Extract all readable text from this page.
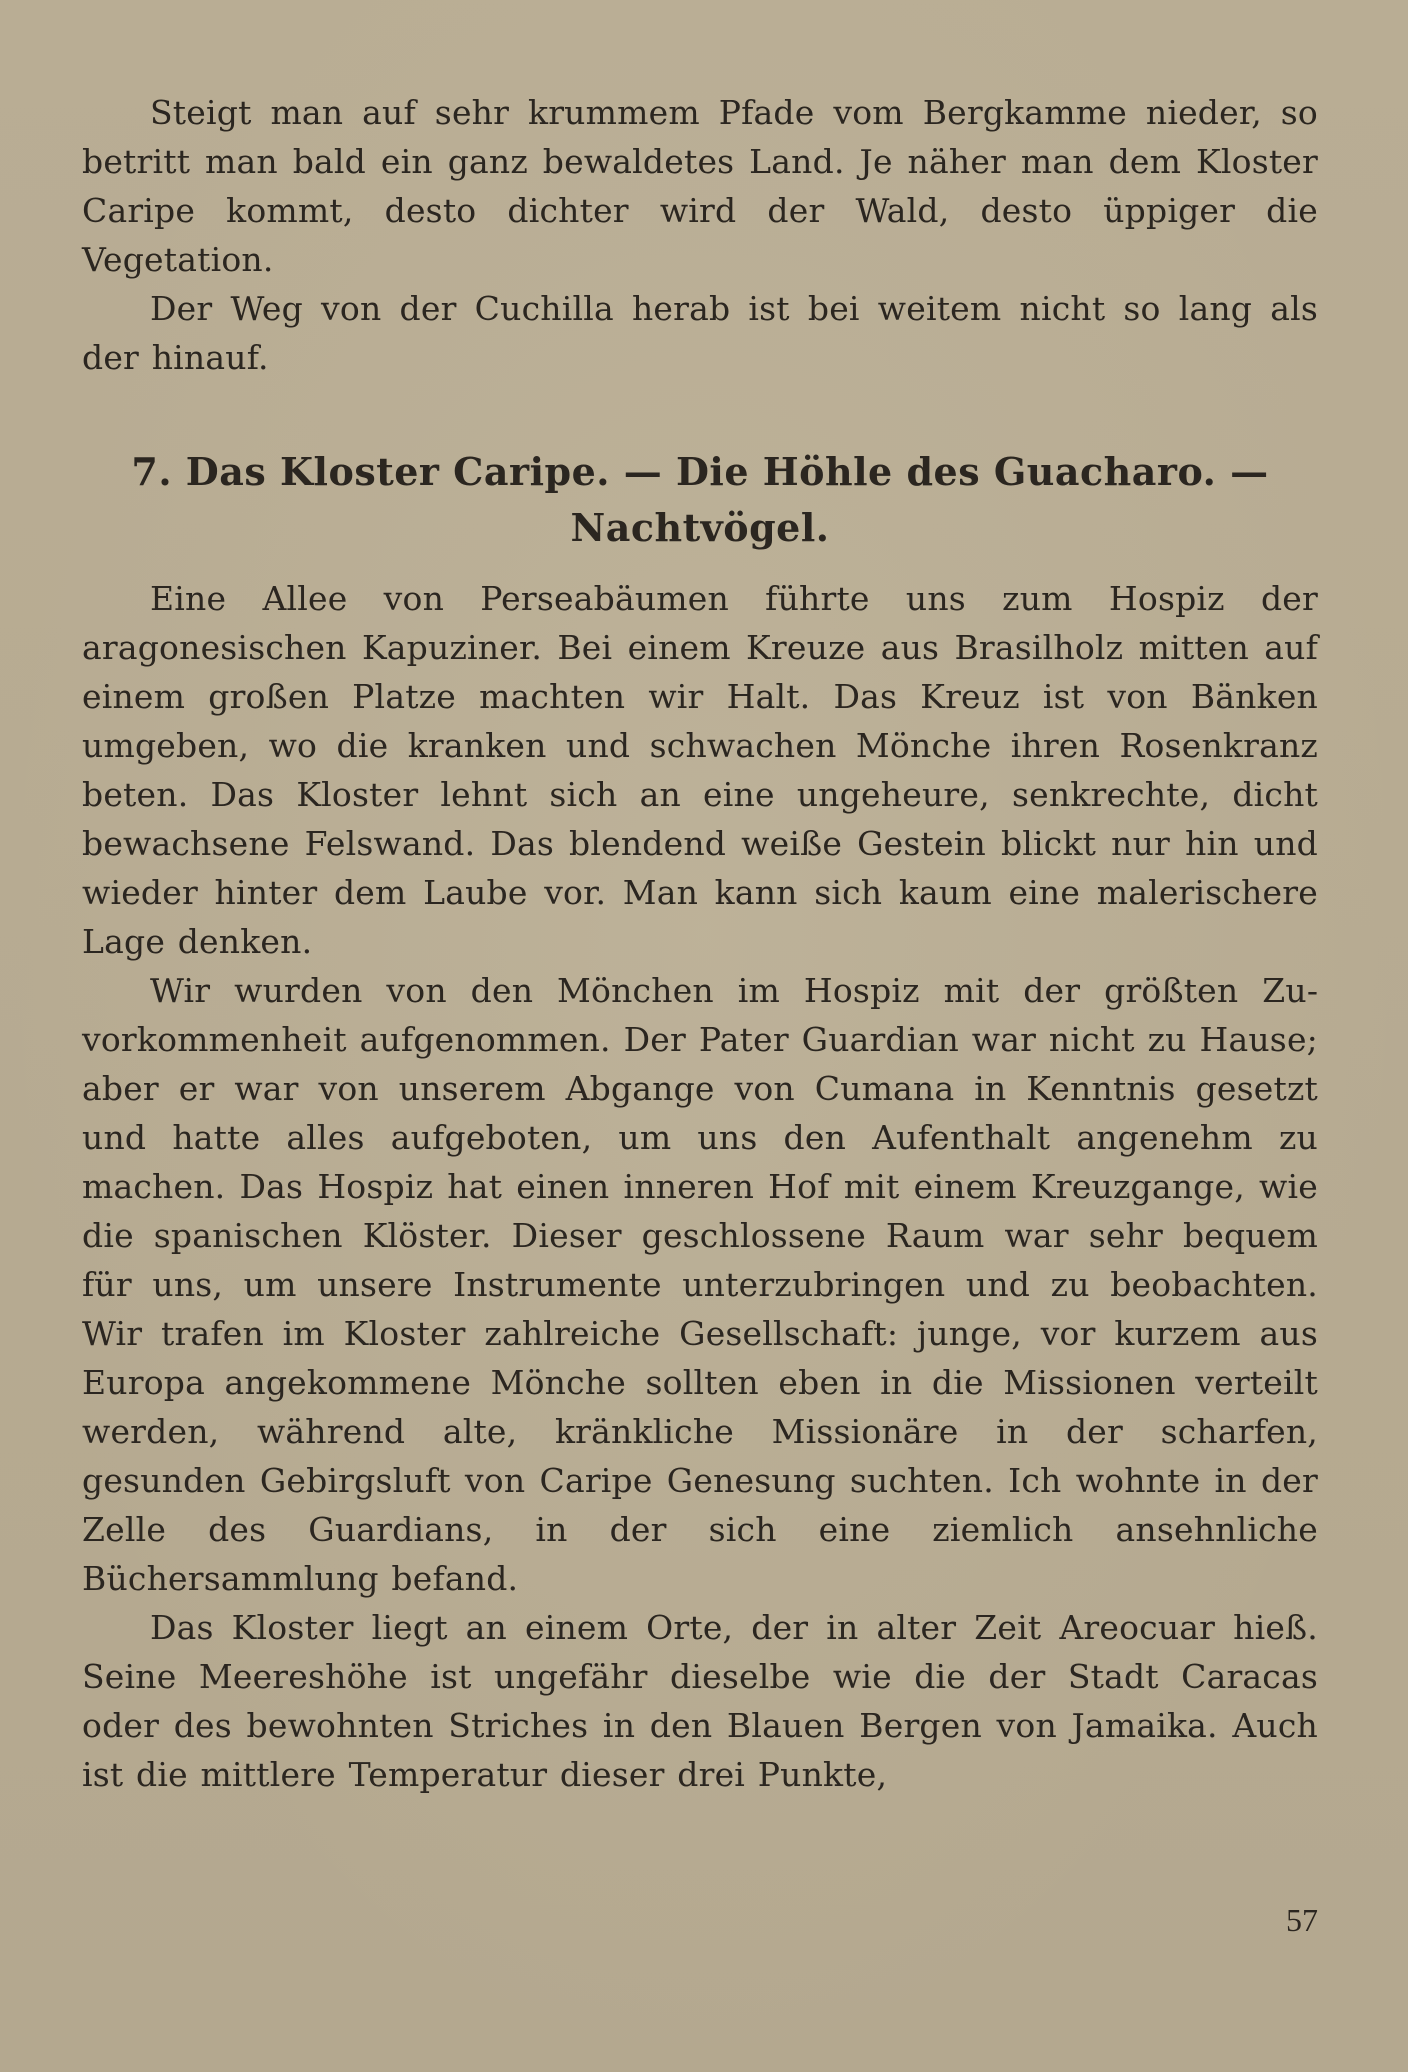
Steigt man auf sehr krummem Pfade vom Bergkamme nieder, so betritt man bald ein ganz bewaldetes Land. Je näher man dem Kloster Caripe kommt, desto dichter wird der Wald, desto üppiger die Vegetation.

Der Weg von der Cuchilla herab ist bei weitem nicht so lang als der hinauf.

7. Das Kloster Caripe. — Die Höhle des Guacharo. —
Nachtvögel.

Eine Allee von Perseabäumen führte uns zum Hospiz der aragonesischen Kapuziner. Bei einem Kreuze aus Brasilholz mitten auf einem großen Platze machten wir Halt. Das Kreuz ist von Bänken umgeben, wo die kranken und schwachen Mönche ihren Rosenkranz beten. Das Kloster lehnt sich an eine ungeheure, senkrechte, dicht bewachsene Felswand. Das blendend weiße Gestein blickt nur hin und wieder hinter dem Laube vor. Man kann sich kaum eine malerischere Lage denken.

Wir wurden von den Mönchen im Hospiz mit der größten Zuvorkommenheit aufgenommen. Der Pater Guardian war nicht zu Hause; aber er war von unserem Abgange von Cumana in Kenntnis gesetzt und hatte alles aufgeboten, um uns den Aufenthalt angenehm zu machen. Das Hospiz hat einen inneren Hof mit einem Kreuzgange, wie die spanischen Klöster. Dieser geschlossene Raum war sehr bequem für uns, um unsere Instrumente unterzubringen und zu beobachten. Wir trafen im Kloster zahlreiche Gesellschaft: junge, vor kurzem aus Europa angekommene Mönche sollten eben in die Missionen verteilt werden, während alte, kränkliche Missionäre in der scharfen, gesunden Gebirgsluft von Caripe Genesung suchten. Ich wohnte in der Zelle des Guardians, in der sich eine ziemlich ansehnliche Büchersammlung befand.

Das Kloster liegt an einem Orte, der in alter Zeit Areocuar hieß. Seine Meereshöhe ist ungefähr dieselbe wie die der Stadt Caracas oder des bewohnten Striches in den Blauen Bergen von Jamaika. Auch ist die mittlere Temperatur dieser drei Punkte,

57
